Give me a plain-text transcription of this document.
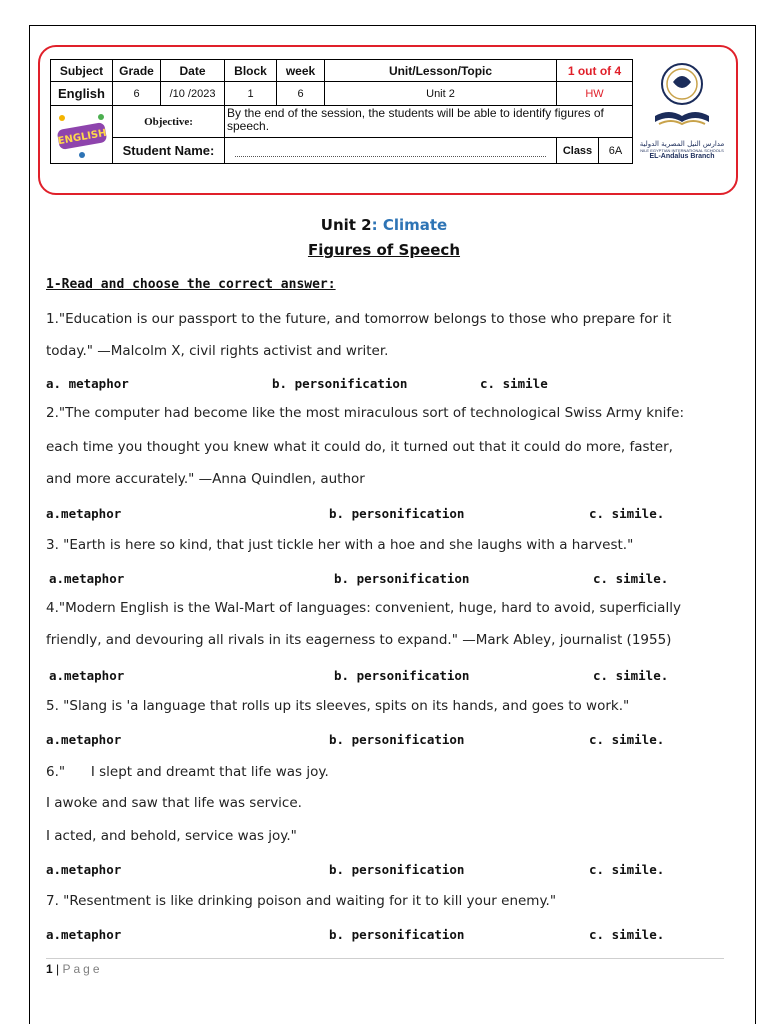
Subject	Grade	Date	Block	week	Unit/Lesson/Topic	1 out of 4	
English	6	/10 /2023	1	6	Unit 2	HW	

ENGLISH	Objective:		By the end of the session, the students will be able to identify figures of speech.				
	Student Name:					Class	6A
مدارس النيل المصرية الدولية
NILE EGYPTIAN INTERNATIONAL SCHOOLS
EL-Andalus Branch
Unit 2: Climate
Figures of Speech
1-Read and choose the correct answer:
1."Education is our passport to the future, and tomorrow belongs to those who prepare for it
today." —Malcolm X, civil rights activist and writer.
a. metaphor	b. personification	c. simile
2."The computer had become like the most miraculous sort of technological Swiss Army knife:
each time you thought you knew what it could do, it turned out that it could do more, faster,
and more accurately." —Anna Quindlen, author
a.metaphor	b. personification	c. simile.
3. "Earth is here so kind, that just tickle her with a hoe and she laughs with a harvest."
a.metaphor	b. personification	c. simile.
4."Modern English is the Wal-Mart of languages: convenient, huge, hard to avoid, superficially
friendly, and devouring all rivals in its eagerness to expand." —Mark Abley, journalist (1955)
a.metaphor	b. personification	c. simile.
5. "Slang is 'a language that rolls up its sleeves, spits on its hands, and goes to work."
a.metaphor	b. personification	c. simile.
6."      I slept and dreamt that life was joy.
I awoke and saw that life was service.
I acted, and behold, service was joy."
a.metaphor	b. personification	c. simile.
7. "Resentment is like drinking poison and waiting for it to kill your enemy."
a.metaphor	b. personification	c. simile.
1 | Page
